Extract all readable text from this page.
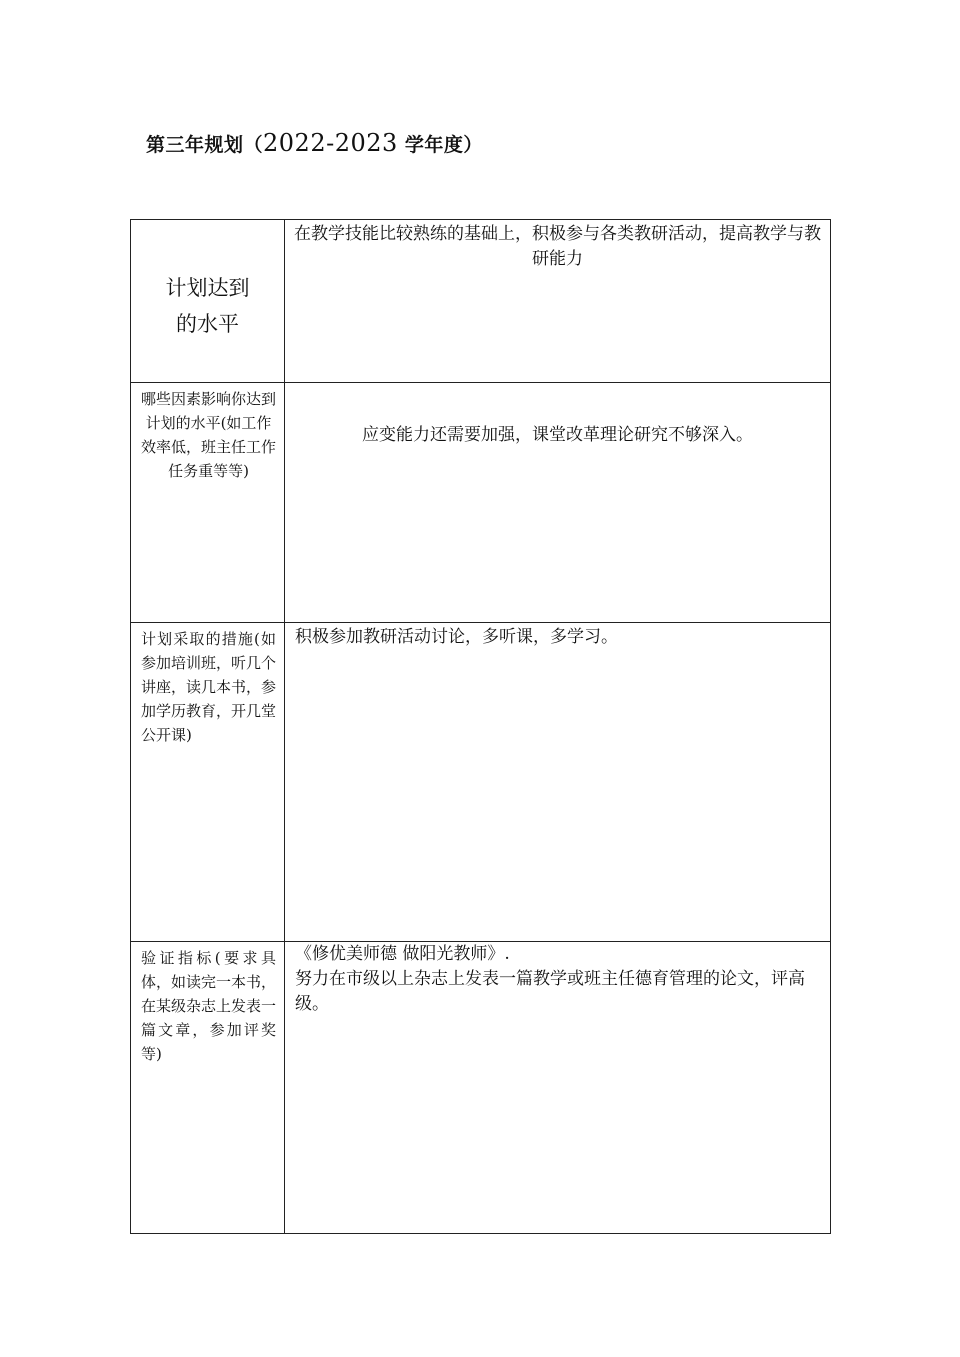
第三年规划（2022-2023 学年度）
计划达到的水平	在教学技能比较熟练的基础上，积极参与各类教研活动，提高教学与教研能力

哪些因素影响你达到计划的水平(如工作效率低，班主任工作任务重等等)	应变能力还需要加强，课堂改革理论研究不够深入。

计划采取的措施(如参加培训班，听几个讲座，读几本书，参加学历教育，开几堂公开课)	积极参加教研活动讨论，多听课，多学习。

验证指标(要求具体，如读完一本书，在某级杂志上发表一篇文章，参加评奖等)	《修优美师德 做阳光教师》.

努力在市级以上杂志上发表一篇教学或班主任德育管理的论文，评高级。
